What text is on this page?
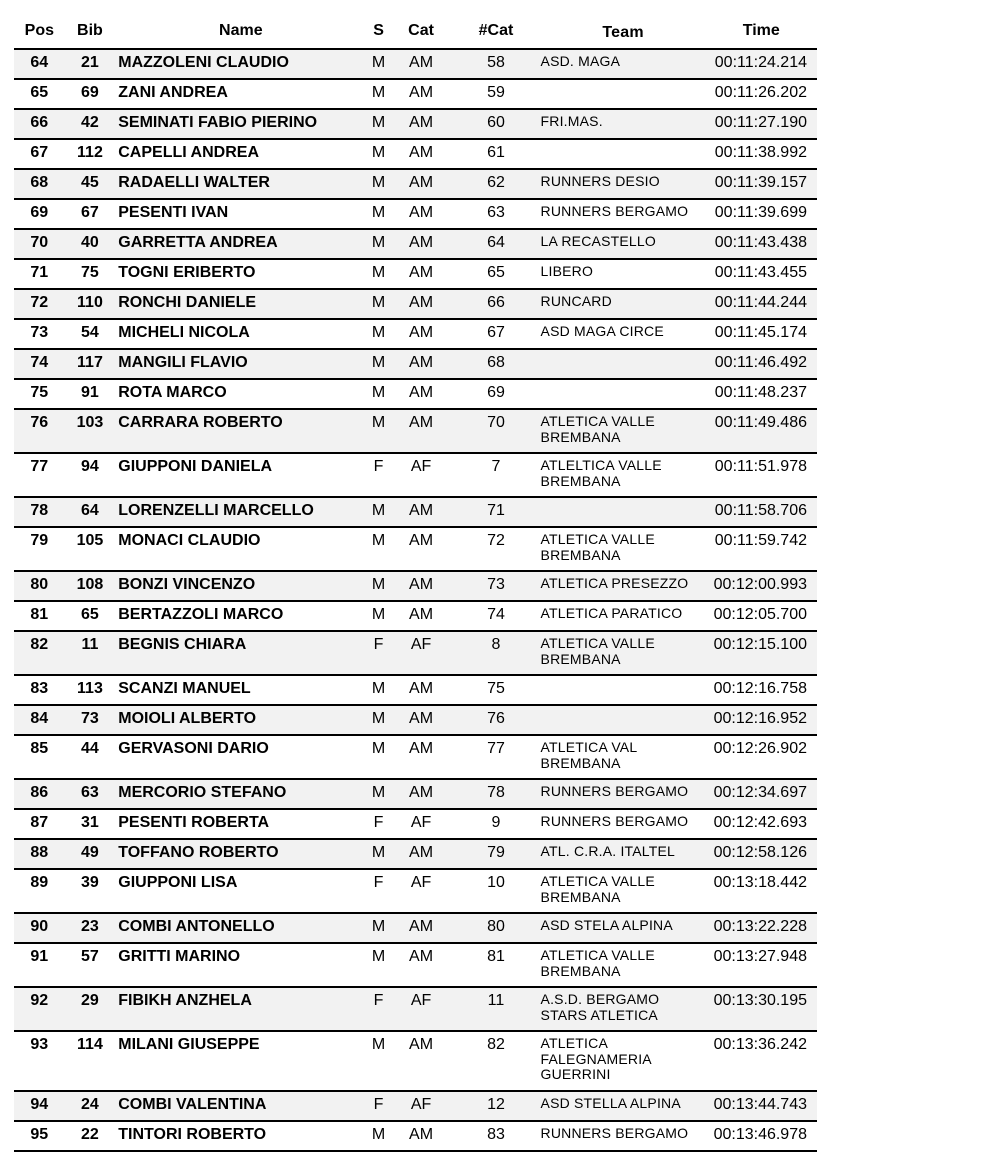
Pos	Bib	Name	S	Cat	#Cat	Team	Time
64	21	MAZZOLENI CLAUDIO	M	AM	58	ASD. MAGA	00:11:24.214
65	69	ZANI ANDREA	M	AM	59		00:11:26.202
66	42	SEMINATI FABIO PIERINO	M	AM	60	FRI.MAS.	00:11:27.190
67	112	CAPELLI ANDREA	M	AM	61		00:11:38.992
68	45	RADAELLI WALTER	M	AM	62	RUNNERS DESIO	00:11:39.157
69	67	PESENTI IVAN	M	AM	63	RUNNERS BERGAMO	00:11:39.699
70	40	GARRETTA ANDREA	M	AM	64	LA RECASTELLO	00:11:43.438
71	75	TOGNI ERIBERTO	M	AM	65	LIBERO	00:11:43.455
72	110	RONCHI DANIELE	M	AM	66	RUNCARD	00:11:44.244
73	54	MICHELI NICOLA	M	AM	67	ASD MAGA CIRCE	00:11:45.174
74	117	MANGILI FLAVIO	M	AM	68		00:11:46.492
75	91	ROTA MARCO	M	AM	69		00:11:48.237
76	103	CARRARA ROBERTO	M	AM	70	ATLETICA VALLE BREMBANA	00:11:49.486
77	94	GIUPPONI DANIELA	F	AF	7	ATLELTICA VALLE BREMBANA	00:11:51.978
78	64	LORENZELLI MARCELLO	M	AM	71		00:11:58.706
79	105	MONACI CLAUDIO	M	AM	72	ATLETICA VALLE BREMBANA	00:11:59.742
80	108	BONZI VINCENZO	M	AM	73	ATLETICA PRESEZZO	00:12:00.993
81	65	BERTAZZOLI MARCO	M	AM	74	ATLETICA PARATICO	00:12:05.700
82	11	BEGNIS CHIARA	F	AF	8	ATLETICA VALLE BREMBANA	00:12:15.100
83	113	SCANZI MANUEL	M	AM	75		00:12:16.758
84	73	MOIOLI ALBERTO	M	AM	76		00:12:16.952
85	44	GERVASONI DARIO	M	AM	77	ATLETICA VAL BREMBANA	00:12:26.902
86	63	MERCORIO STEFANO	M	AM	78	RUNNERS BERGAMO	00:12:34.697
87	31	PESENTI ROBERTA	F	AF	9	RUNNERS BERGAMO	00:12:42.693
88	49	TOFFANO ROBERTO	M	AM	79	ATL. C.R.A. ITALTEL	00:12:58.126
89	39	GIUPPONI LISA	F	AF	10	ATLETICA VALLE BREMBANA	00:13:18.442
90	23	COMBI ANTONELLO	M	AM	80	ASD STELA ALPINA	00:13:22.228
91	57	GRITTI MARINO	M	AM	81	ATLETICA VALLE BREMBANA	00:13:27.948
92	29	FIBIKH ANZHELA	F	AF	11	A.S.D. BERGAMO STARS ATLETICA	00:13:30.195
93	114	MILANI GIUSEPPE	M	AM	82	ATLETICA FALEGNAMERIA GUERRINI	00:13:36.242
94	24	COMBI VALENTINA	F	AF	12	ASD STELLA ALPINA	00:13:44.743
95	22	TINTORI ROBERTO	M	AM	83	RUNNERS BERGAMO	00:13:46.978
